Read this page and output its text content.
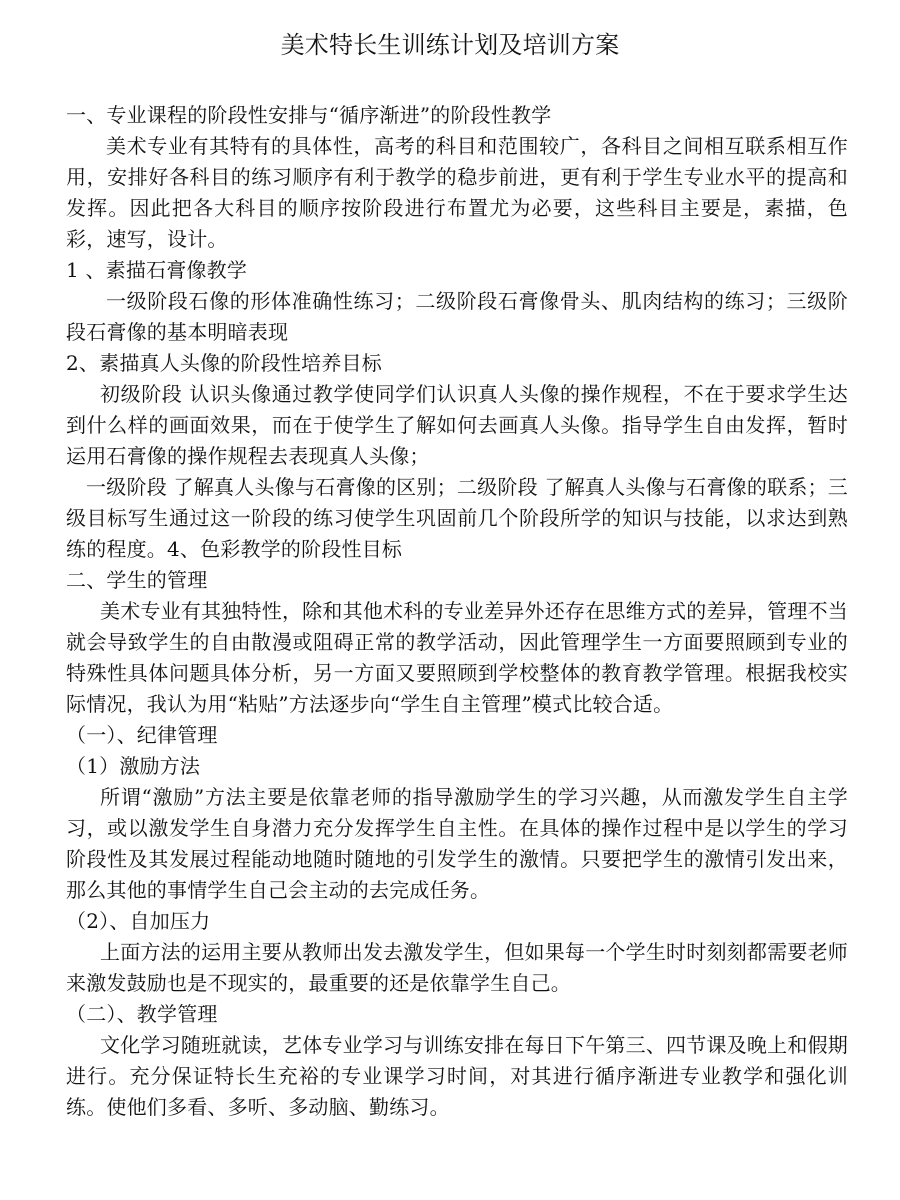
美术特长生训练计划及培训方案

一、专业课程的阶段性安排与“循序渐进”的阶段性教学

美术专业有其特有的具体性，高考的科目和范围较广，各科目之间相互联系相互作用，安排好各科目的练习顺序有利于教学的稳步前进，更有利于学生专业水平的提高和发挥。因此把各大科目的顺序按阶段进行布置尤为必要，这些科目主要是，素描，色彩，速写，设计。

1 、素描石膏像教学

一级阶段石像的形体准确性练习；二级阶段石膏像骨头、肌肉结构的练习；三级阶段石膏像的基本明暗表现

2、素描真人头像的阶段性培养目标

初级阶段 认识头像通过教学使同学们认识真人头像的操作规程，不在于要求学生达到什么样的画面效果，而在于使学生了解如何去画真人头像。指导学生自由发挥，暂时运用石膏像的操作规程去表现真人头像；

一级阶段 了解真人头像与石膏像的区别；二级阶段 了解真人头像与石膏像的联系；三级目标写生通过这一阶段的练习使学生巩固前几个阶段所学的知识与技能，以求达到熟练的程度。4、色彩教学的阶段性目标

二、学生的管理

美术专业有其独特性，除和其他术科的专业差异外还存在思维方式的差异，管理不当就会导致学生的自由散漫或阻碍正常的教学活动，因此管理学生一方面要照顾到专业的特殊性具体问题具体分析，另一方面又要照顾到学校整体的教育教学管理。根据我校实际情况，我认为用“粘贴”方法逐步向“学生自主管理”模式比较合适。

（一）、纪律管理

（1）激励方法

所谓“激励”方法主要是依靠老师的指导激励学生的学习兴趣，从而激发学生自主学习，或以激发学生自身潜力充分发挥学生自主性。在具体的操作过程中是以学生的学习阶段性及其发展过程能动地随时随地的引发学生的激情。只要把学生的激情引发出来，那么其他的事情学生自己会主动的去完成任务。

（2）、自加压力

上面方法的运用主要从教师出发去激发学生，但如果每一个学生时时刻刻都需要老师来激发鼓励也是不现实的，最重要的还是依靠学生自己。

（二）、教学管理

文化学习随班就读，艺体专业学习与训练安排在每日下午第三、四节课及晚上和假期进行。充分保证特长生充裕的专业课学习时间，对其进行循序渐进专业教学和强化训练。使他们多看、多听、多动脑、勤练习。
